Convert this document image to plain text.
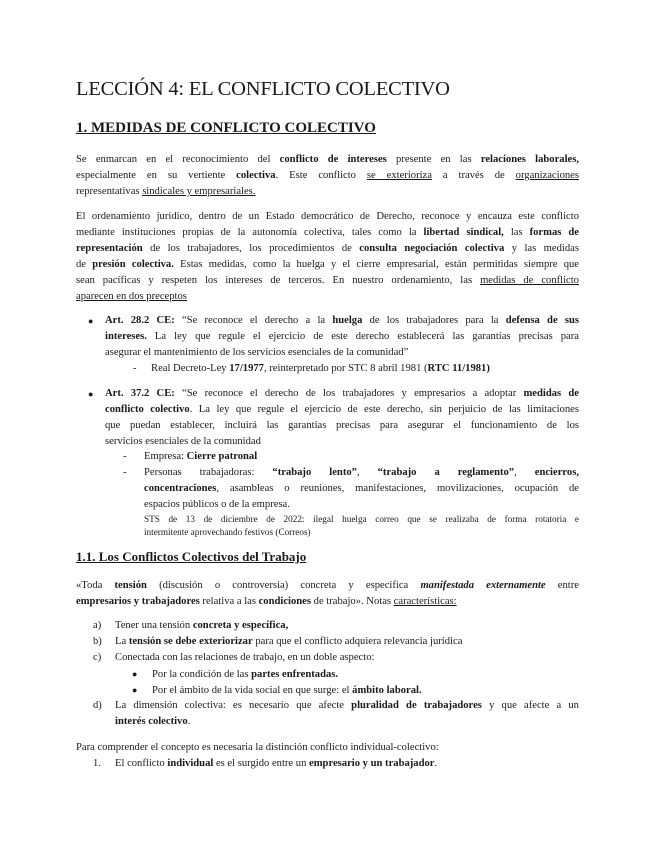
LECCIÓN 4: EL CONFLICTO COLECTIVO
1. MEDIDAS DE CONFLICTO COLECTIVO
Se enmarcan en el reconocimiento del conflicto de intereses presente en las relaciones laborales,
especialmente en su vertiente colectiva. Este conflicto se exterioriza a través de organizaciones
representativas sindicales y empresariales.
El ordenamiento jurídico, dentro de un Estado democrático de Derecho, reconoce y encauza este conflicto
mediante instituciones propias de la autonomía colectiva, tales como la libertad sindical, las formas de
representación de los trabajadores, los procedimientos de consulta negociación colectiva y las medidas
de presión colectiva. Estas medidas, como la huelga y el cierre empresarial, están permitidas siempre que
sean pacíficas y respeten los intereses de terceros. En nuestro ordenamiento, las medidas de conflicto
aparecen en dos preceptos
● Art. 28.2 CE: “Se reconoce el derecho a la huelga de los trabajadores para la defensa de sus
intereses. La ley que regule el ejercicio de este derecho establecerá las garantías precisas para
asegurar el mantenimiento de los servicios esenciales de la comunidad”
- Real Decreto-Ley 17/1977, reinterpretado por STC 8 abril 1981 (RTC 11/1981)
● Art. 37.2 CE: “Se reconoce el derecho de los trabajadores y empresarios a adoptar medidas de
conflicto colectivo. La ley que regule el ejercicio de este derecho, sin perjuicio de las limitaciones
que puedan establecer, incluirá las garantías precisas para asegurar el funcionamiento de los
servicios esenciales de la comunidad
- Empresa: Cierre patronal
- Personas trabajadoras: “trabajo lento”, “trabajo a reglamento”, encierros,
concentraciones, asambleas o reuniones, manifestaciones, movilizaciones, ocupación de
espacios públicos o de la empresa.
STS de 13 de diciembre de 2022: ilegal huelga correo que se realizaba de forma rotatoria e
intermitente aprovechando festivos (Correos)
1.1. Los Conflictos Colectivos del Trabajo
«Toda tensión (discusión o controversia) concreta y específica manifestada externamente entre
empresarios y trabajadores relativa a las condiciones de trabajo». Notas características:
a) Tener una tensión concreta y específica,
b) La tensión se debe exteriorizar para que el conflicto adquiera relevancia jurídica
c) Conectada con las relaciones de trabajo, en un doble aspecto:
● Por la condición de las partes enfrentadas.
● Por el ámbito de la vida social en que surge: el ámbito laboral.
d)	La dimensión colectiva: es necesario que afecte pluralidad de trabajadores y que afecte a un
interés colectivo.
Para comprender el concepto es necesaria la distinción conflicto individual-colectivo:
1. El conflicto individual es el surgido entre un empresario y un trabajador.
